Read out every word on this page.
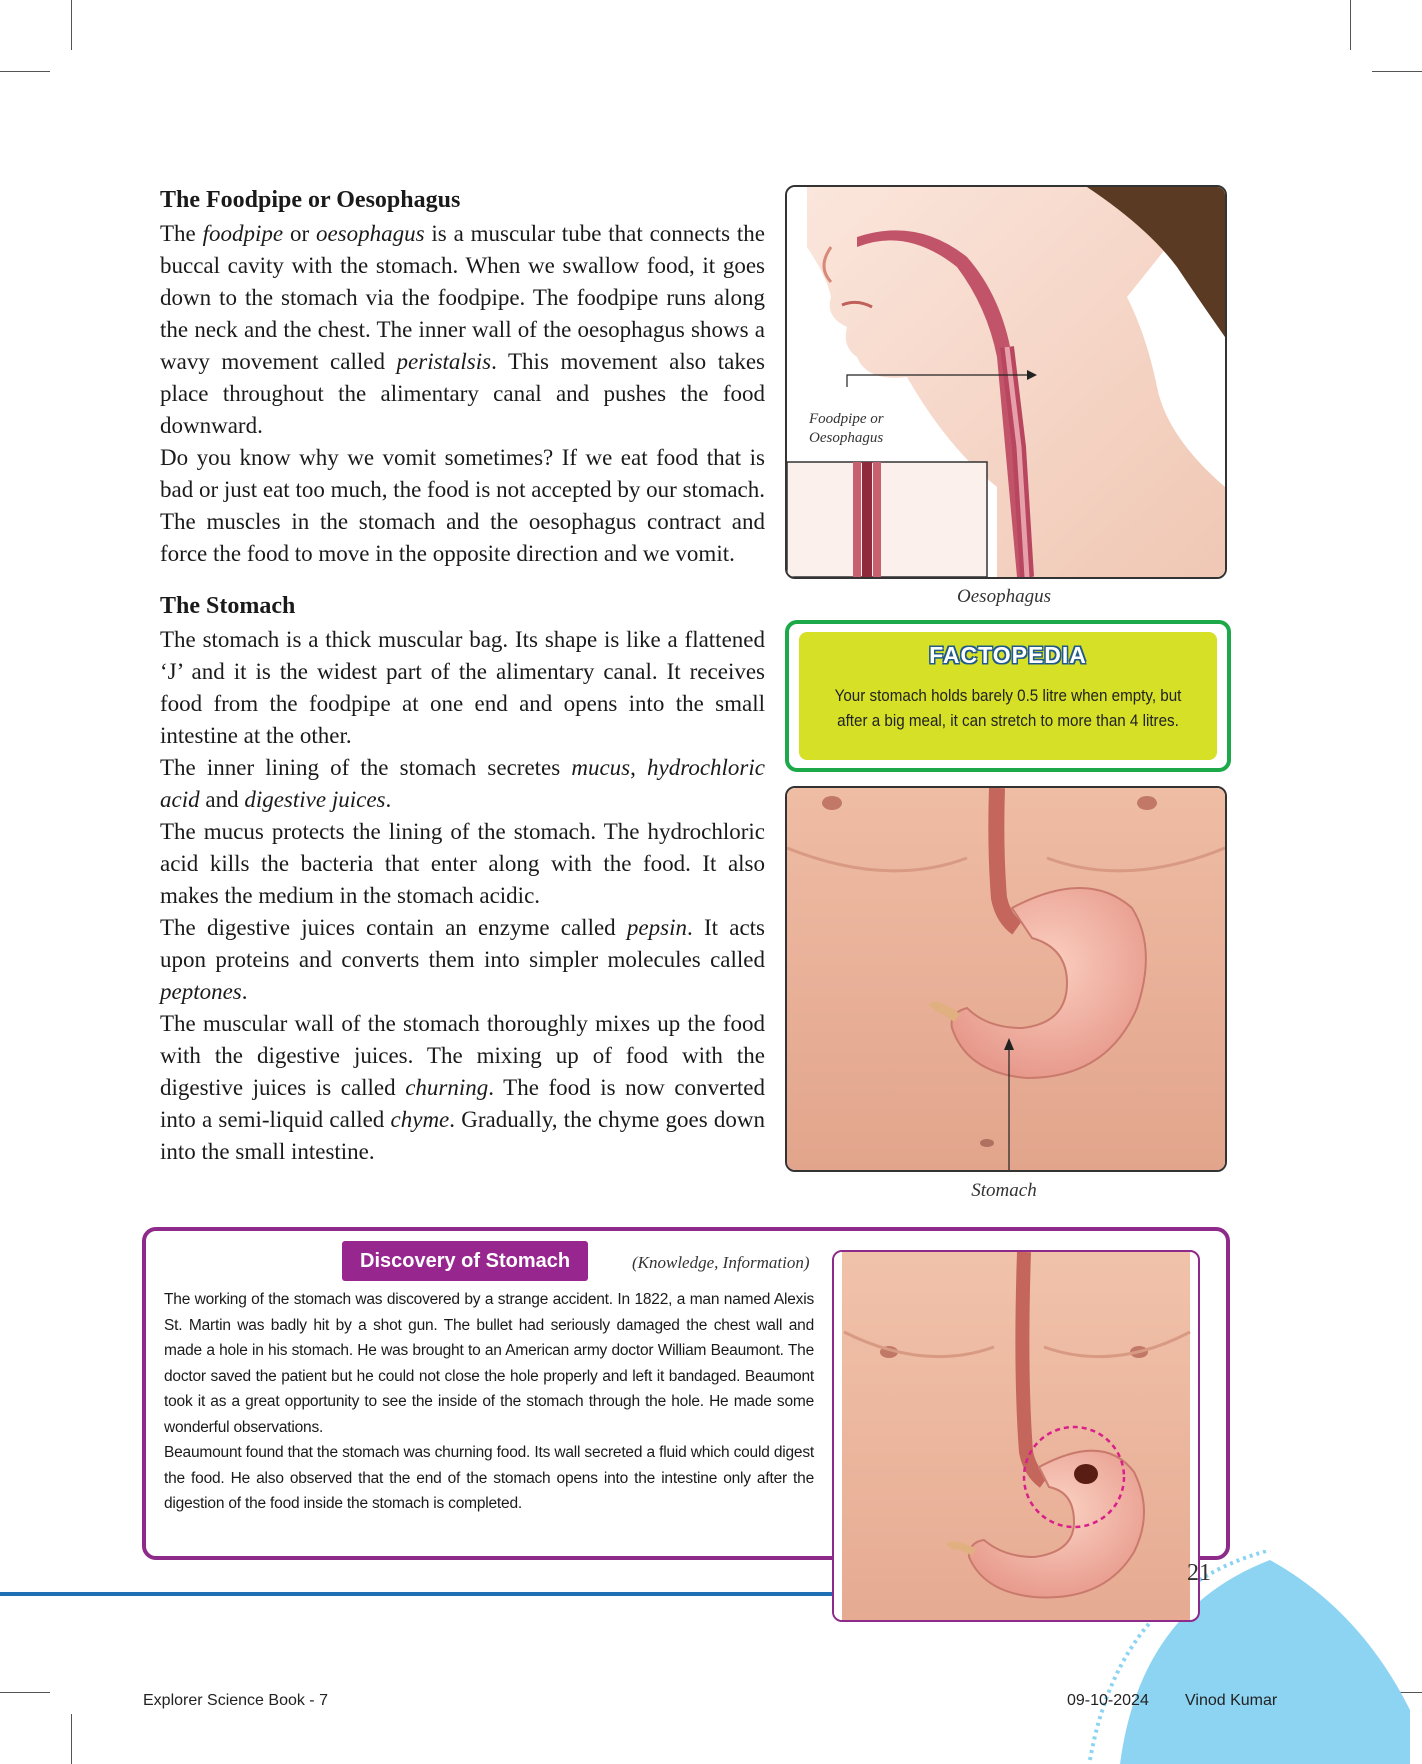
The Foodpipe or Oesophagus

The foodpipe or oesophagus is a muscular tube that connects the buccal cavity with the stomach. When we swallow food, it goes down to the stomach via the foodpipe. The foodpipe runs along the neck and the chest. The inner wall of the oesophagus shows a wavy movement called peristalsis. This movement also takes place throughout the alimentary canal and pushes the food downward.

Do you know why we vomit sometimes? If we eat food that is bad or just eat too much, the food is not accepted by our stomach. The muscles in the stomach and the oesophagus contract and force the food to move in the opposite direction and we vomit.

The Stomach

The stomach is a thick muscular bag. Its shape is like a flattened ‘J’ and it is the widest part of the alimentary canal. It receives food from the foodpipe at one end and opens into the small intestine at the other.

The inner lining of the stomach secretes mucus, hydrochloric acid and digestive juices.

The mucus protects the lining of the stomach. The hydrochloric acid kills the bacteria that enter along with the food. It also makes the medium in the stomach acidic.

The digestive juices contain an enzyme called pepsin. It acts upon proteins and converts them into simpler molecules called peptones.

The muscular wall of the stomach thoroughly mixes up the food with the digestive juices. The mixing up of food with the digestive juices is called churning. The food is now converted into a semi-liquid called chyme. Gradually, the chyme goes down into the small intestine.

Foodpipe or Oesophagus
Oesophagus
FACTOPEDIA
Your stomach holds barely 0.5 litre when empty, but after a big meal, it can stretch to more than 4 litres.
Stomach
Discovery of Stomach	(Knowledge, Information)
The working of the stomach was discovered by a strange accident. In 1822, a man named Alexis St. Martin was badly hit by a shot gun. The bullet had seriously damaged the chest wall and made a hole in his stomach. He was brought to an American army doctor William Beaumont. The doctor saved the patient but he could not close the hole properly and left it bandaged. Beaumont took it as a great opportunity to see the inside of the stomach through the hole. He made some wonderful observations.
Beaumount found that the stomach was churning food. Its wall secreted a fluid which could digest the food. He also observed that the end of the stomach opens into the intestine only after the digestion of the food inside the stomach is completed.
21
Explorer Science Book - 7	09-10-2024 Vinod Kumar
